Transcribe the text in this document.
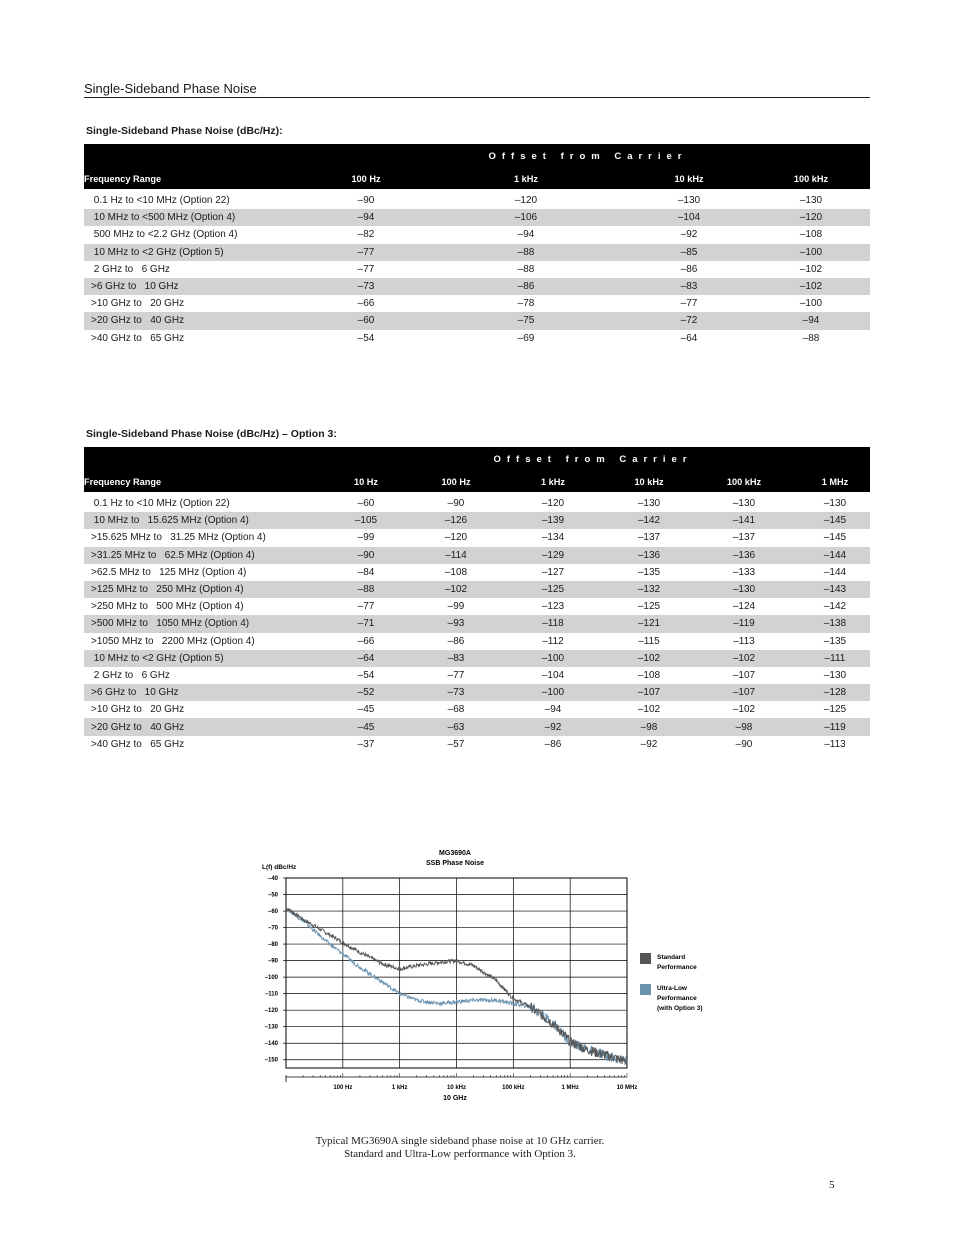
Single-Sideband Phase Noise
Single-Sideband Phase Noise (dBc/Hz):
	Offset from Carrier			
Frequency Range	100 Hz	1 kHz	10 kHz	100 kHz

0.1 Hz to <10 MHz (Option 22)	–90	–120	–130	–130
10 MHz to <500 MHz (Option 4)	–94	–106	–104	–120
500 MHz to <2.2 GHz (Option 4)	–82	–94	–92	–108
10 MHz to <2 GHz (Option 5)	–77	–88	–85	–100
2 GHz to   6 GHz	–77	–88	–86	–102
>6 GHz to   10 GHz	–73	–86	–83	–102
>10 GHz to   20 GHz	–66	–78	–77	–100
>20 GHz to   40 GHz	–60	–75	–72	–94
>40 GHz to   65 GHz	–54	–69	–64	–88
Single-Sideband Phase Noise (dBc/Hz) – Option 3:
	Offset from Carrier					
Frequency Range	10 Hz	100 Hz	1 kHz	10 kHz	100 kHz	1 MHz

0.1 Hz to <10 MHz (Option 22)	–60	–90	–120	–130	–130	–130
10 MHz to   15.625 MHz (Option 4)	–105	–126	–139	–142	–141	–145
>15.625 MHz to   31.25 MHz (Option 4)	–99	–120	–134	–137	–137	–145
>31.25 MHz to   62.5 MHz (Option 4)	–90	–114	–129	–136	–136	–144
>62.5 MHz to   125 MHz (Option 4)	–84	–108	–127	–135	–133	–144
>125 MHz to   250 MHz (Option 4)	–88	–102	–125	–132	–130	–143
>250 MHz to   500 MHz (Option 4)	–77	–99	–123	–125	–124	–142
>500 MHz to   1050 MHz (Option 4)	–71	–93	–118	–121	–119	–138
>1050 MHz to   2200 MHz (Option 4)	–66	–86	–112	–115	–113	–135
10 MHz to <2 GHz (Option 5)	–64	–83	–100	–102	–102	–111
2 GHz to   6 GHz	–54	–77	–104	–108	–107	–130
>6 GHz to   10 GHz	–52	–73	–100	–107	–107	–128
>10 GHz to   20 GHz	–45	–68	–94	–102	–102	–125
>20 GHz to   40 GHz	–45	–63	–92	–98	–98	–119
>40 GHz to   65 GHz	–37	–57	–86	–92	–90	–113
MG3690A
SSB Phase Noise
L(f) dBc/Hz
10 GHz
–40
–50
–60
–70
–80
–90
–100
–110
–120
–130
–140
–150
100 Hz	1 kHz	10 kHz	100 kHz	1 MHz	10 MHz
Standard Performance
Ultra-Low Performance (with Option 3)
Typical MG3690A single sideband phase noise at 10 GHz carrier.
Standard and Ultra-Low performance with Option 3.
5
